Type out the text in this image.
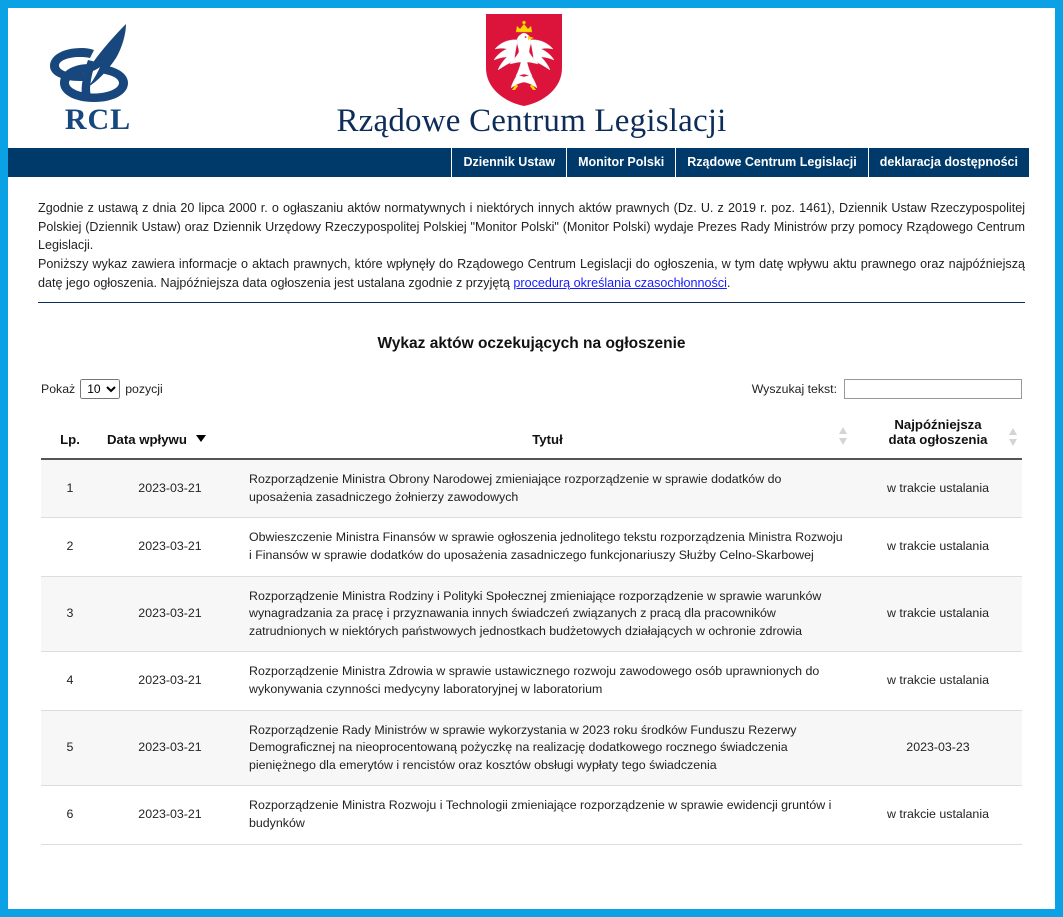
RCL	Rządowe Centrum Legislacji
Dziennik Ustaw	Monitor Polski	Rządowe Centrum Legislacji	deklaracja dostępności

Zgodnie z ustawą z dnia 20 lipca 2000 r. o ogłaszaniu aktów normatywnych i niektórych innych aktów prawnych (Dz. U. z 2019 r. poz. 1461), Dziennik Ustaw Rzeczypospolitej Polskiej (Dziennik Ustaw) oraz Dziennik Urzędowy Rzeczypospolitej Polskiej "Monitor Polski" (Monitor Polski) wydaje Prezes Rady Ministrów przy pomocy Rządowego Centrum Legislacji.

Poniższy wykaz zawiera informacje o aktach prawnych, które wpłynęły do Rządowego Centrum Legislacji do ogłoszenia, w tym datę wpływu aktu prawnego oraz najpóźniejszą datę jego ogłoszenia. Najpóźniejsza data ogłoszenia jest ustalana zgodnie z przyjętą procedurą określania czasochłonności.

Wykaz aktów oczekujących na ogłoszenie
Pokaż
10	pozycji	Wyszukaj tekst:
Lp.	Data wpływu	Tytuł	Najpóźniejsza
data ogłoszenia

1	2023-03-21	Rozporządzenie Ministra Obrony Narodowej zmieniające rozporządzenie w sprawie dodatków do uposażenia zasadniczego żołnierzy zawodowych	w trakcie ustalania
2	2023-03-21	Obwieszczenie Ministra Finansów w sprawie ogłoszenia jednolitego tekstu rozporządzenia Ministra Rozwoju i Finansów w sprawie dodatków do uposażenia zasadniczego funkcjonariuszy Służby Celno-Skarbowej	w trakcie ustalania
3	2023-03-21	Rozporządzenie Ministra Rodziny i Polityki Społecznej zmieniające rozporządzenie w sprawie warunków wynagradzania za pracę i przyznawania innych świadczeń związanych z pracą dla pracowników zatrudnionych w niektórych państwowych jednostkach budżetowych działających w ochronie zdrowia	w trakcie ustalania
4	2023-03-21	Rozporządzenie Ministra Zdrowia w sprawie ustawicznego rozwoju zawodowego osób uprawnionych do wykonywania czynności medycyny laboratoryjnej w laboratorium	w trakcie ustalania
5	2023-03-21	Rozporządzenie Rady Ministrów w sprawie wykorzystania w 2023 roku środków Funduszu Rezerwy Demograficznej na nieoprocentowaną pożyczkę na realizację dodatkowego rocznego świadczenia pieniężnego dla emerytów i rencistów oraz kosztów obsługi wypłaty tego świadczenia	2023-03-23
6	2023-03-21	Rozporządzenie Ministra Rozwoju i Technologii zmieniające rozporządzenie w sprawie ewidencji gruntów i budynków	w trakcie ustalania
